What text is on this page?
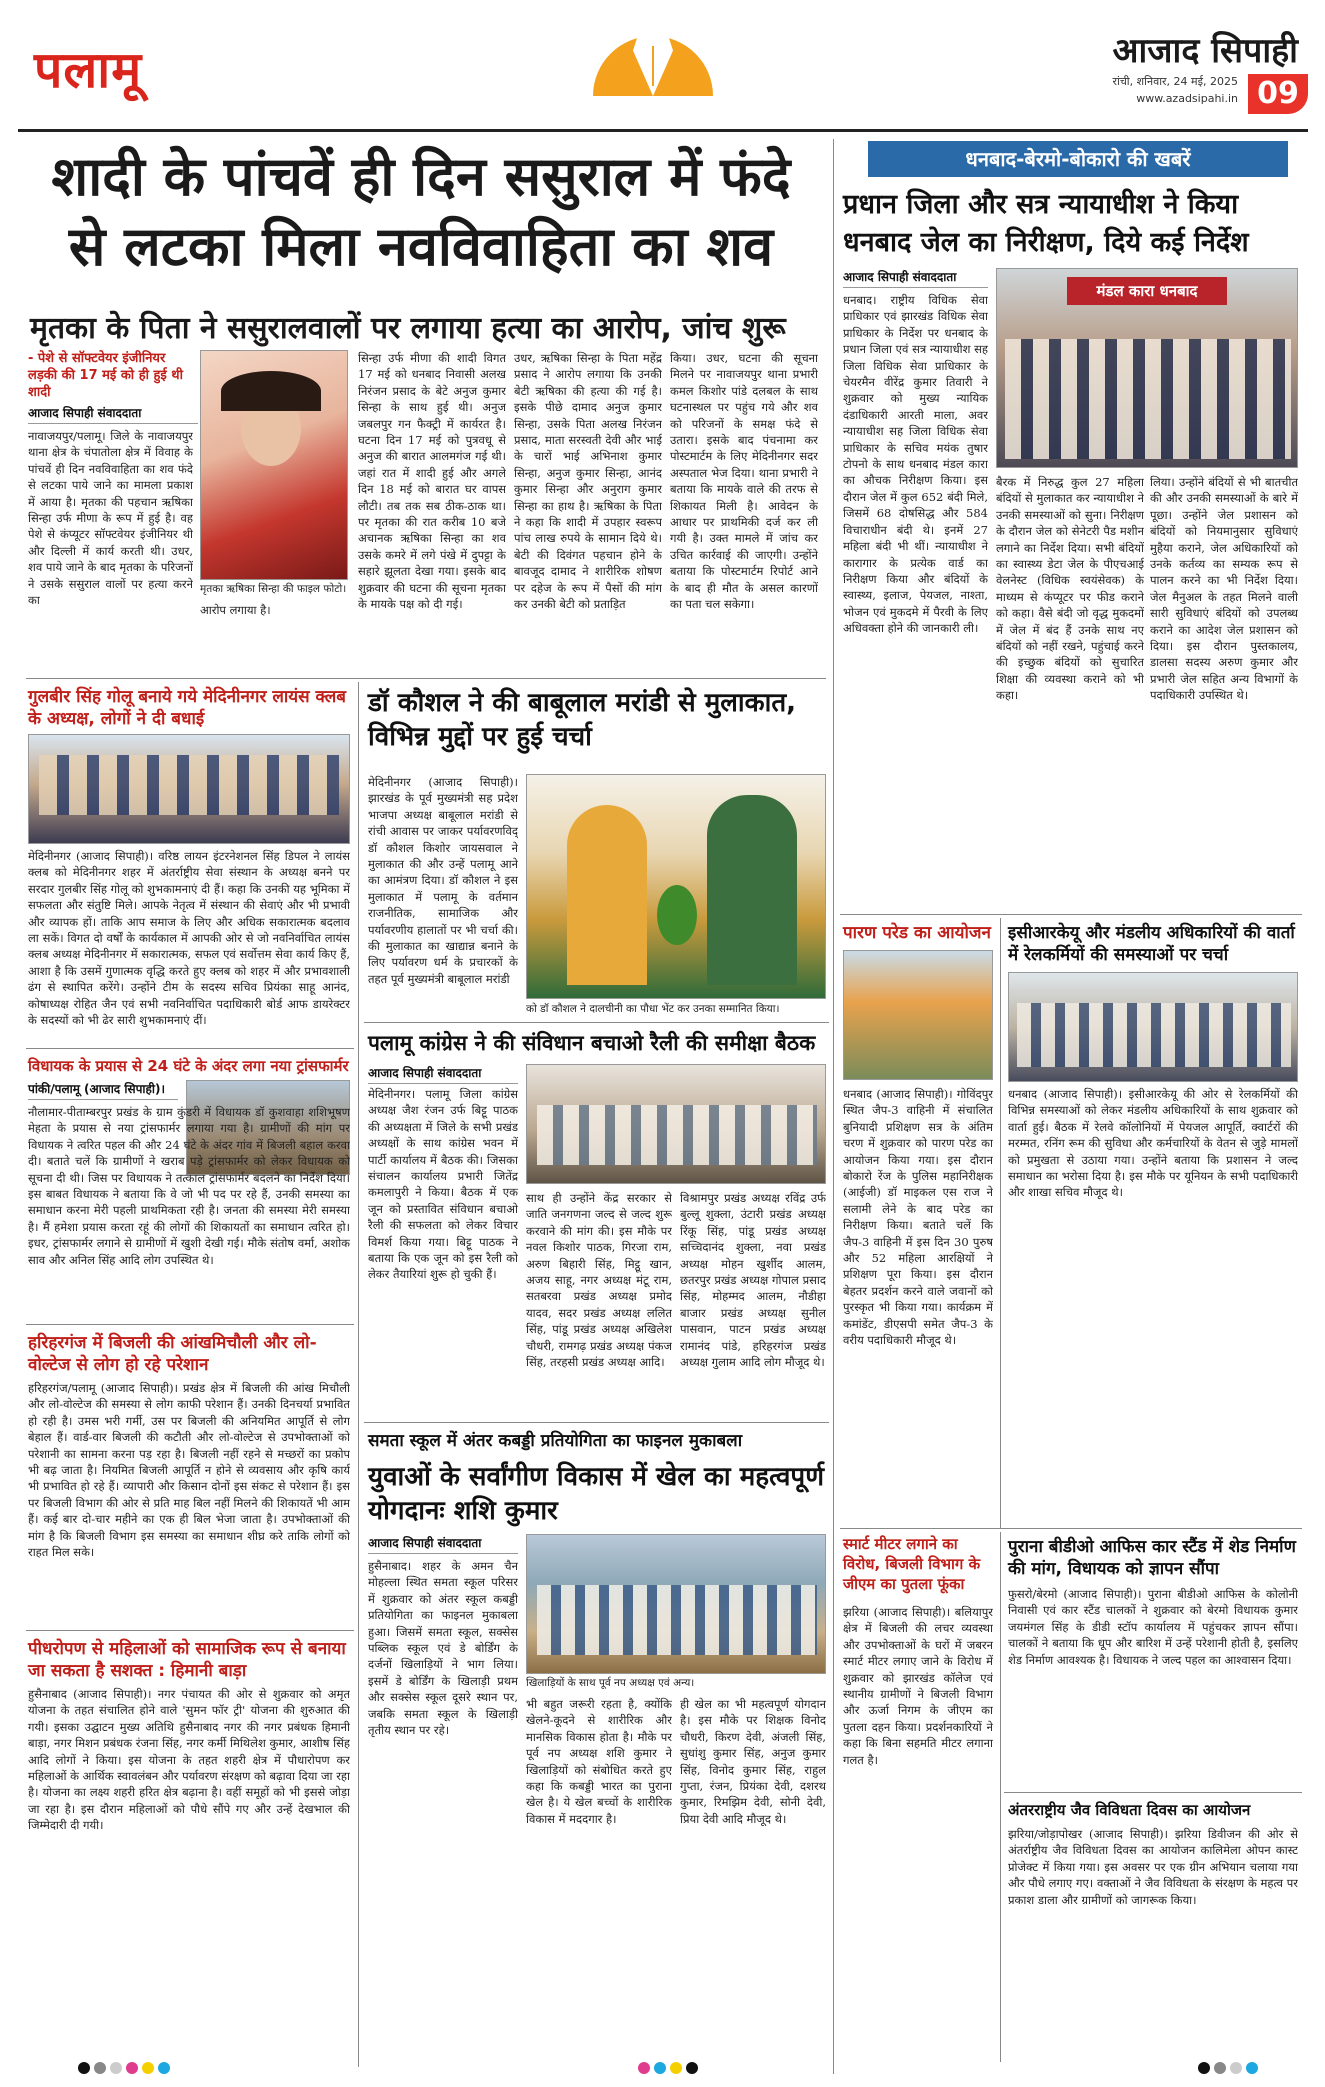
पलामू	आजाद सिपाही
रांची, शनिवार, 24 मई, 2025
www.azadsipahi.in 09
शादी के पांचवें ही दिन ससुराल में फंदे
से लटका मिला नवविवाहिता का शव
मृतका के पिता ने ससुरालवालों पर लगाया हत्या का आरोप, जांच शुरू
- पेशे से सॉफ्टवेयर इंजीनियर लड़की की 17 मई को ही हुई थी शादी
आजाद सिपाही संवाददाता
नावाजयपुर/पलामू। जिले के नावाजयपुर थाना क्षेत्र के चंपातोला क्षेत्र में विवाह के पांचवें ही दिन नवविवाहिता का शव फंदे से लटका पाये जाने का मामला प्रकाश में आया है। मृतका की पहचान ऋषिका सिन्हा उर्फ मीणा के रूप में हुई है। वह पेशे से कंप्यूटर सॉफ्टवेयर इंजीनियर थी और दिल्ली में कार्य करती थी। उधर, शव पाये जाने के बाद मृतका के परिजनों ने उसके ससुराल वालों पर हत्या करने का
मृतका ऋषिका सिन्हा की फाइल फोटो।
आरोप लगाया है।
सिन्हा उर्फ मीणा की शादी विगत 17 मई को धनबाद निवासी अलख निरंजन प्रसाद के बेटे अनुज कुमार सिन्हा के साथ हुई थी। अनुज जबलपुर गन फैक्ट्री में कार्यरत है। घटना दिन 17 मई को पुत्रवधू से अनुज की बारात आलमगंज गई थी। जहां रात में शादी हुई और अगले दिन 18 मई को बारात घर वापस लौटी। तब तक सब ठीक-ठाक था। पर मृतका की रात करीब 10 बजे अचानक ऋषिका सिन्हा का शव उसके कमरे में लगे पंखे में दुपट्टा के सहारे झूलता देखा गया। इसके बाद शुक्रवार की घटना की सूचना मृतका के मायके पक्ष को दी गई।
उधर, ऋषिका सिन्हा के पिता महेंद्र प्रसाद ने आरोप लगाया कि उनकी बेटी ऋषिका की हत्या की गई है। इसके पीछे दामाद अनुज कुमार सिन्हा, उसके पिता अलख निरंजन प्रसाद, माता सरस्वती देवी और भाई के चारों भाई अभिनाश कुमार सिन्हा, अनुज कुमार सिन्हा, आनंद कुमार सिन्हा और अनुराग कुमार सिन्हा का हाथ है। ऋषिका के पिता ने कहा कि शादी में उपहार स्वरूप पांच लाख रुपये के सामान दिये थे। बेटी की दिवंगत पहचान होने के बावजूद दामाद ने शारीरिक शोषण पर दहेज के रूप में पैसों की मांग कर उनकी बेटी को प्रताड़ित
किया। उधर, घटना की सूचना मिलने पर नावाजयपुर थाना प्रभारी कमल किशोर पांडे दलबल के साथ घटनास्थल पर पहुंच गये और शव को परिजनों के समक्ष फंदे से उतारा। इसके बाद पंचनामा कर पोस्टमार्टम के लिए मेदिनीनगर सदर अस्पताल भेज दिया। थाना प्रभारी ने बताया कि मायके वाले की तरफ से शिकायत मिली है। आवेदन के आधार पर प्राथमिकी दर्ज कर ली गयी है। उक्त मामले में जांच कर उचित कार्रवाई की जाएगी। उन्होंने बताया कि पोस्टमार्टम रिपोर्ट आने के बाद ही मौत के असल कारणों का पता चल सकेगा।
गुलबीर सिंह गोलू बनाये गये मेदिनीनगर लायंस क्लब के अध्यक्ष, लोगों ने दी बधाई
मेदिनीनगर (आजाद सिपाही)। वरिष्ठ लायन इंटरनेशनल सिंह डिपल ने लायंस क्लब को मेदिनीनगर शहर में अंतर्राष्ट्रीय सेवा संस्थान के अध्यक्ष बनने पर सरदार गुलबीर सिंह गोलू को शुभकामनाएं दी हैं। कहा कि उनकी यह भूमिका में सफलता और संतुष्टि मिले। आपके नेतृत्व में संस्थान की सेवाएं और भी प्रभावी और व्यापक हों। ताकि आप समाज के लिए और अधिक सकारात्मक बदलाव ला सकें। विगत दो वर्षों के कार्यकाल में आपकी ओर से जो नवनिर्वाचित लायंस क्लब अध्यक्ष मेदिनीनगर में सकारात्मक, सफल एवं सर्वोत्तम सेवा कार्य किए हैं, आशा है कि उसमें गुणात्मक वृद्धि करते हुए क्लब को शहर में और प्रभावशाली ढंग से स्थापित करेंगे। उन्होंने टीम के सदस्य सचिव प्रियंका साहू आनंद, कोषाध्यक्ष रोहित जैन एवं सभी नवनिर्वाचित पदाधिकारी बोर्ड आफ डायरेक्टर के सदस्यों को भी ढेर सारी शुभकामनाएं दीं।
विधायक के प्रयास से 24 घंटे के अंदर लगा नया ट्रांसफार्मर
पांकी/पलामू (आजाद सिपाही)।
नौलामार-पीताम्बरपुर प्रखंड के ग्राम कुंडरी में विधायक डॉ कुशवाहा शशिभूषण मेहता के प्रयास से नया ट्रांसफार्मर लगाया गया है। ग्रामीणों की मांग पर विधायक ने त्वरित पहल की और 24 घंटे के अंदर गांव में बिजली बहाल करवा दी। बताते चलें कि ग्रामीणों ने खराब पड़े ट्रांसफार्मर को लेकर विधायक को सूचना दी थी। जिस पर विधायक ने तत्काल ट्रांसफार्मर बदलने का निर्देश दिया। इस बाबत विधायक ने बताया कि वे जो भी पद पर रहे हैं, उनकी समस्या का समाधान करना मेरी पहली प्राथमिकता रही है। जनता की समस्या मेरी समस्या है। मैं हमेशा प्रयास करता रहूं की लोगों की शिकायतों का समाधान त्वरित हो। इधर, ट्रांसफार्मर लगाने से ग्रामीणों में खुशी देखी गई। मौके संतोष वर्मा, अशोक साव और अनिल सिंह आदि लोग उपस्थित थे।
हरिहरगंज में बिजली की आंखमिचौली और लो-वोल्टेज से लोग हो रहे परेशान
हरिहरगंज/पलामू (आजाद सिपाही)। प्रखंड क्षेत्र में बिजली की आंख मिचौली और लो-वोल्टेज की समस्या से लोग काफी परेशान हैं। उनकी दिनचर्या प्रभावित हो रही है। उमस भरी गर्मी, उस पर बिजली की अनियमित आपूर्ति से लोग बेहाल हैं। वार्ड-वार बिजली की कटौती और लो-वोल्टेज से उपभोक्ताओं को परेशानी का सामना करना पड़ रहा है। बिजली नहीं रहने से मच्छरों का प्रकोप भी बढ़ जाता है। नियमित बिजली आपूर्ति न होने से व्यवसाय और कृषि कार्य भी प्रभावित हो रहे हैं। व्यापारी और किसान दोनों इस संकट से परेशान हैं। इस पर बिजली विभाग की ओर से प्रति माह बिल नहीं मिलने की शिकायतें भी आम हैं। कई बार दो-चार महीने का एक ही बिल भेजा जाता है। उपभोक्ताओं की मांग है कि बिजली विभाग इस समस्या का समाधान शीघ्र करे ताकि लोगों को राहत मिल सके।
पीधरोपण से महिलाओं को सामाजिक रूप से बनाया जा सकता है सशक्त : हिमानी बाड़ा
हुसैनाबाद (आजाद सिपाही)। नगर पंचायत की ओर से शुक्रवार को अमृत योजना के तहत संचालित होने वाले 'सुमन फॉर ट्री' योजना की शुरुआत की गयी। इसका उद्घाटन मुख्य अतिथि हुसैनाबाद नगर की नगर प्रबंधक हिमानी बाड़ा, नगर मिशन प्रबंधक रंजना सिंह, नगर कर्मी मिथिलेश कुमार, आशीष सिंह आदि लोगों ने किया। इस योजना के तहत शहरी क्षेत्र में पौधारोपण कर महिलाओं के आर्थिक स्वावलंबन और पर्यावरण संरक्षण को बढ़ावा दिया जा रहा है। योजना का लक्ष्य शहरी हरित क्षेत्र बढ़ाना है। वहीं समूहों को भी इससे जोड़ा जा रहा है। इस दौरान महिलाओं को पौधे सौंपे गए और उन्हें देखभाल की जिम्मेदारी दी गयी।
डॉ कौशल ने की बाबूलाल मरांडी से मुलाकात, विभिन्न मुद्दों पर हुई चर्चा
मेदिनीनगर (आजाद सिपाही)। झारखंड के पूर्व मुख्यमंत्री सह प्रदेश भाजपा अध्यक्ष बाबूलाल मरांडी से रांची आवास पर जाकर पर्यावरणविद् डॉ कौशल किशोर जायसवाल ने मुलाकात की और उन्हें पलामू आने का आमंत्रण दिया। डॉ कौशल ने इस मुलाकात में पलामू के वर्तमान राजनीतिक, सामाजिक और पर्यावरणीय हालातों पर भी चर्चा की। की मुलाकात का खाद्यान्न बनाने के लिए पर्यावरण धर्म के प्रचारकों के तहत पूर्व मुख्यमंत्री बाबूलाल मरांडी
को डॉ कौशल ने दालचीनी का पौधा भेंट कर उनका सम्मानित किया।
पलामू कांग्रेस ने की संविधान बचाओ रैली की समीक्षा बैठक
आजाद सिपाही संवाददाता
मेदिनीनगर। पलामू जिला कांग्रेस अध्यक्ष जैश रंजन उर्फ बिट्टू पाठक की अध्यक्षता में जिले के सभी प्रखंड अध्यक्षों के साथ कांग्रेस भवन में पार्टी कार्यालय में बैठक की। जिसका संचालन कार्यालय प्रभारी जितेंद्र कमलापुरी ने किया। बैठक में एक जून को प्रस्तावित संविधान बचाओ रैली की सफलता को लेकर विचार विमर्श किया गया। बिट्टू पाठक ने बताया कि एक जून को इस रैली को लेकर तैयारियां शुरू हो चुकी हैं।
साथ ही उन्होंने केंद्र सरकार से जाति जनगणना जल्द से जल्द शुरू करवाने की मांग की। इस मौके पर नवल किशोर पाठक, गिरजा राम, अरुण बिहारी सिंह, मिट्ठू खान, अजय साहू, नगर अध्यक्ष मंटू राम, सतबरवा प्रखंड अध्यक्ष प्रमोद यादव, सदर प्रखंड अध्यक्ष ललित सिंह, पांडू प्रखंड अध्यक्ष अखिलेश चौधरी, रामगढ़ प्रखंड अध्यक्ष पंकज सिंह, तरहसी प्रखंड अध्यक्ष आदि।
विश्रामपुर प्रखंड अध्यक्ष रविंद्र उर्फ बुल्लू शुक्ला, उंटारी प्रखंड अध्यक्ष रिंकू सिंह, पांडू प्रखंड अध्यक्ष सच्चिदानंद शुक्ला, नवा प्रखंड अध्यक्ष मोहन खुर्शीद आलम, छतरपुर प्रखंड अध्यक्ष गोपाल प्रसाद सिंह, मोहम्मद आलम, नौडीहा बाजार प्रखंड अध्यक्ष सुनील पासवान, पाटन प्रखंड अध्यक्ष रामानंद पांडे, हरिहरगंज प्रखंड अध्यक्ष गुलाम आदि लोग मौजूद थे।
समता स्कूल में अंतर कबड्डी प्रतियोगिता का फाइनल मुकाबला
युवाओं के सर्वांगीण विकास में खेल का महत्वपूर्ण योगदानः शशि कुमार
आजाद सिपाही संवाददाता
हुसैनाबाद। शहर के अमन चैन मोहल्ला स्थित समता स्कूल परिसर में शुक्रवार को अंतर स्कूल कबड्डी प्रतियोगिता का फाइनल मुकाबला हुआ। जिसमें समता स्कूल, सक्सेस पब्लिक स्कूल एवं डे बोर्डिंग के दर्जनों खिलाड़ियों ने भाग लिया। इसमें डे बोर्डिंग के खिलाड़ी प्रथम और सक्सेस स्कूल दूसरे स्थान पर, जबकि समता स्कूल के खिलाड़ी तृतीय स्थान पर रहे।
खिलाड़ियों के साथ पूर्व नप अध्यक्ष एवं अन्य।
भी बहुत जरूरी रहता है, क्योंकि खेलने-कूदने से शारीरिक और मानसिक विकास होता है। मौके पर पूर्व नप अध्यक्ष शशि कुमार ने खिलाड़ियों को संबोधित करते हुए कहा कि कबड्डी भारत का पुराना खेल है। ये खेल बच्चों के शारीरिक विकास में मददगार है।
ही खेल का भी महत्वपूर्ण योगदान है। इस मौके पर शिक्षक विनोद चौधरी, किरण देवी, अंजली सिंह, सुधांशु कुमार सिंह, अनुज कुमार सिंह, विनोद कुमार सिंह, राहुल गुप्ता, रंजन, प्रियंका देवी, दशरथ कुमार, रिमझिम देवी, सोनी देवी, प्रिया देवी आदि मौजूद थे।
धनबाद-बेरमो-बोकारो की खबरें
प्रधान जिला और सत्र न्यायाधीश ने किया धनबाद जेल का निरीक्षण, दिये कई निर्देश
आजाद सिपाही संवाददाता
धनबाद। राष्ट्रीय विधिक सेवा प्राधिकार एवं झारखंड विधिक सेवा प्राधिकार के निर्देश पर धनबाद के प्रधान जिला एवं सत्र न्यायाधीश सह जिला विधिक सेवा प्राधिकार के चेयरमैन वीरेंद्र कुमार तिवारी ने शुक्रवार को मुख्य न्यायिक दंडाधिकारी आरती माला, अवर न्यायाधीश सह जिला विधिक सेवा प्राधिकार के सचिव मयंक तुषार टोपनो के साथ धनबाद मंडल कारा का औचक निरीक्षण किया। इस दौरान जेल में कुल 652 बंदी मिले, जिसमें 68 दोषसिद्ध और 584 विचाराधीन बंदी थे। इनमें 27 महिला बंदी भी थीं। न्यायाधीश ने कारागार के प्रत्येक वार्ड का निरीक्षण किया और बंदियों के स्वास्थ्य, इलाज, पेयजल, नाश्ता, भोजन एवं मुकदमे में पैरवी के लिए अधिवक्ता होने की जानकारी ली।
मंडल कारा धनबाद
बैरक में निरुद्ध कुल 27 महिला बंदियों से मुलाकात कर न्यायाधीश ने उनकी समस्याओं को सुना। निरीक्षण के दौरान जेल को सेनेटरी पैड मशीन लगाने का निर्देश दिया। सभी बंदियों का स्वास्थ्य डेटा जेल के पीएचआई वेलनेस्ट (विधिक स्वयंसेवक) के माध्यम से कंप्यूटर पर फीड कराने को कहा। वैसे बंदी जो वृद्ध मुकदमों में जेल में बंद हैं उनके साथ नए बंदियों को नहीं रखने, पहुंचाई करने की इच्छुक बंदियों को सुचारित शिक्षा की व्यवस्था कराने को भी कहा।
लिया। उन्होंने बंदियों से भी बातचीत की और उनकी समस्याओं के बारे में पूछा। उन्होंने जेल प्रशासन को बंदियों को नियमानुसार सुविधाएं मुहैया कराने, जेल अधिकारियों को उनके कर्तव्य का सम्यक रूप से पालन करने का भी निर्देश दिया। जेल मैनुअल के तहत मिलने वाली सारी सुविधाएं बंदियों को उपलब्ध कराने का आदेश जेल प्रशासन को दिया। इस दौरान पुस्तकालय, डालसा सदस्य अरुण कुमार और प्रभारी जेल सहित अन्य विभागों के पदाधिकारी उपस्थित थे।
पारण परेड का आयोजन
धनबाद (आजाद सिपाही)। गोविंदपुर स्थित जैप-3 वाहिनी में संचालित बुनियादी प्रशिक्षण सत्र के अंतिम चरण में शुक्रवार को पारण परेड का आयोजन किया गया। इस दौरान बोकारो रेंज के पुलिस महानिरीक्षक (आईजी) डॉ माइकल एस राज ने सलामी लेने के बाद परेड का निरीक्षण किया। बताते चलें कि जैप-3 वाहिनी में इस दिन 30 पुरुष और 52 महिला आरक्षियों ने प्रशिक्षण पूरा किया। इस दौरान बेहतर प्रदर्शन करने वाले जवानों को पुरस्कृत भी किया गया। कार्यक्रम में कमांडेंट, डीएसपी समेत जैप-3 के वरीय पदाधिकारी मौजूद थे।
इसीआरकेयू और मंडलीय अधिकारियों की वार्ता में रेलकर्मियों की समस्याओं पर चर्चा
धनबाद (आजाद सिपाही)। इसीआरकेयू की ओर से रेलकर्मियों की विभिन्न समस्याओं को लेकर मंडलीय अधिकारियों के साथ शुक्रवार को वार्ता हुई। बैठक में रेलवे कॉलोनियों में पेयजल आपूर्ति, क्वार्टरों की मरम्मत, रनिंग रूम की सुविधा और कर्मचारियों के वेतन से जुड़े मामलों को प्रमुखता से उठाया गया। उन्होंने बताया कि प्रशासन ने जल्द समाधान का भरोसा दिया है। इस मौके पर यूनियन के सभी पदाधिकारी और शाखा सचिव मौजूद थे।
स्मार्ट मीटर लगाने का विरोध, बिजली विभाग के जीएम का पुतला फूंका
झरिया (आजाद सिपाही)। बलियापुर क्षेत्र में बिजली की लचर व्यवस्था और उपभोक्ताओं के घरों में जबरन स्मार्ट मीटर लगाए जाने के विरोध में शुक्रवार को झारखंड कॉलेज एवं स्थानीय ग्रामीणों ने बिजली विभाग और ऊर्जा निगम के जीएम का पुतला दहन किया। प्रदर्शनकारियों ने कहा कि बिना सहमति मीटर लगाना गलत है।
पुराना बीडीओ आफिस कार स्टैंड में शेड निर्माण की मांग, विधायक को ज्ञापन सौंपा
फुसरो/बेरमो (आजाद सिपाही)। पुराना बीडीओ आफिस के कोलोनी निवासी एवं कार स्टैंड चालकों ने शुक्रवार को बेरमो विधायक कुमार जयमंगल सिंह के डीडी स्टॉप कार्यालय में पहुंचकर ज्ञापन सौंपा। चालकों ने बताया कि धूप और बारिश में उन्हें परेशानी होती है, इसलिए शेड निर्माण आवश्यक है। विधायक ने जल्द पहल का आश्वासन दिया।
अंतरराष्ट्रीय जैव विविधता दिवस का आयोजन
झरिया/जोड़ापोखर (आजाद सिपाही)। झरिया डिवीजन की ओर से अंतर्राष्ट्रीय जैव विविधता दिवस का आयोजन कालिमेला ओपन कास्ट प्रोजेक्ट में किया गया। इस अवसर पर एक ग्रीन अभियान चलाया गया और पौधे लगाए गए। वक्ताओं ने जैव विविधता के संरक्षण के महत्व पर प्रकाश डाला और ग्रामीणों को जागरूक किया।
